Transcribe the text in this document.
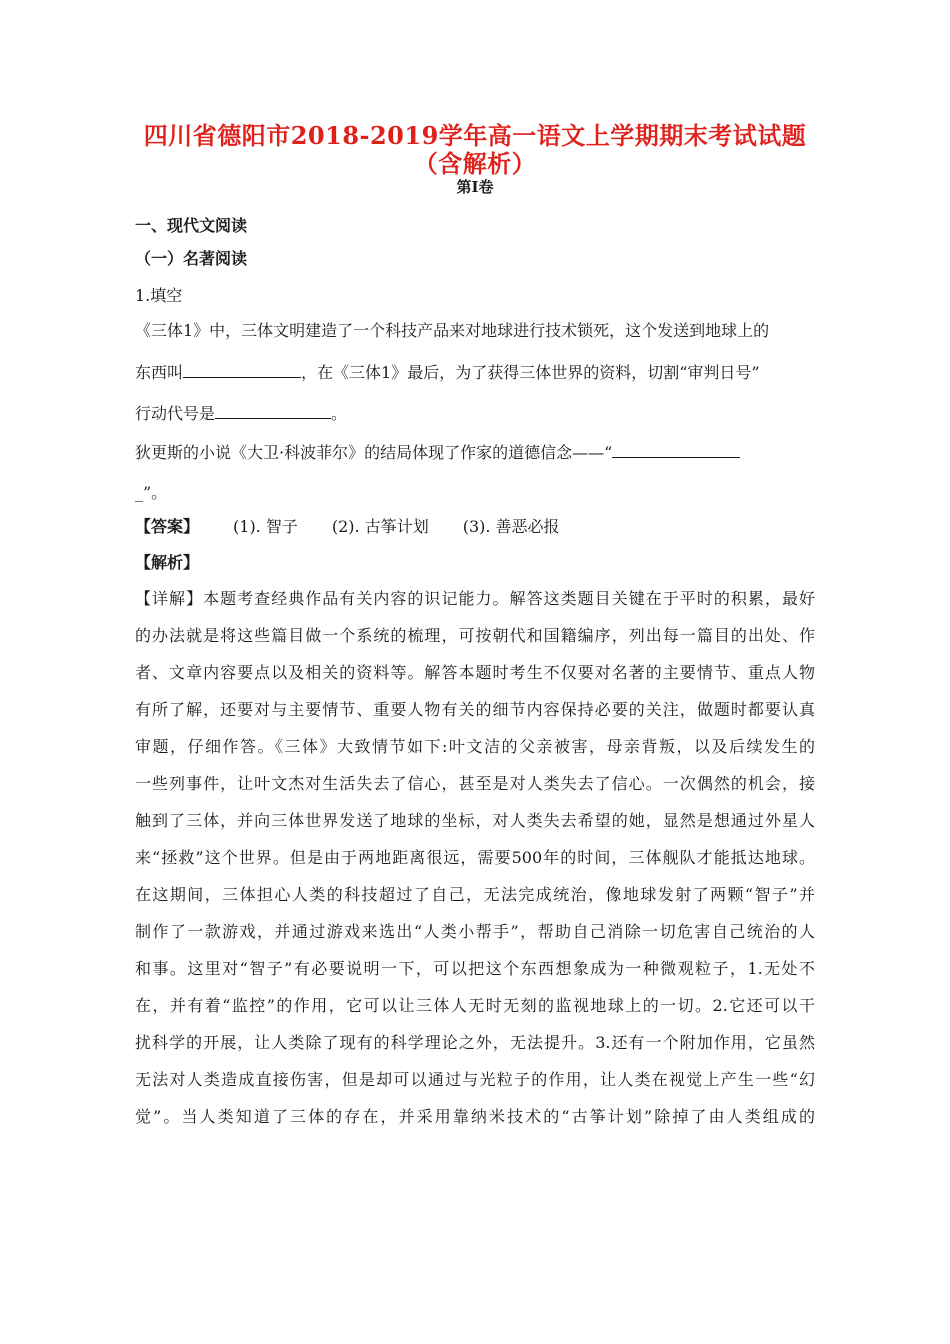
四川省德阳市2018-2019学年高一语文上学期期末考试试题（含解析）
第Ⅰ卷
一、现代文阅读
（一）名著阅读
1.填空
《三体1》中，三体文明建造了一个科技产品来对地球进行技术锁死，这个发送到地球上的
东西叫	，在《三体1》最后，为了获得三体世界的资料，切割“审判日号”
行动代号是	。
狄更斯的小说《大卫·科波菲尔》的结局体现了作家的道德信念——“
_”。
【答案】 (1). 智子 (2). 古筝计划 (3). 善恶必报
【解析】
【详解】本题考查经典作品有关内容的识记能力。解答这类题目关键在于平时的积累，最好
的办法就是将这些篇目做一个系统的梳理，可按朝代和国籍编序，列出每一篇目的出处、作
者、文章内容要点以及相关的资料等。解答本题时考生不仅要对名著的主要情节、重点人物
有所了解，还要对与主要情节、重要人物有关的细节内容保持必要的关注，做题时都要认真
审题，仔细作答。《三体》大致情节如下:叶文洁的父亲被害，母亲背叛，以及后续发生的
一些列事件，让叶文杰对生活失去了信心，甚至是对人类失去了信心。一次偶然的机会，接
触到了三体，并向三体世界发送了地球的坐标，对人类失去希望的她，显然是想通过外星人
来“拯救”这个世界。但是由于两地距离很远，需要500年的时间，三体舰队才能抵达地球。
在这期间，三体担心人类的科技超过了自己，无法完成统治，像地球发射了两颗“智子”并
制作了一款游戏，并通过游戏来选出“人类小帮手”，帮助自己消除一切危害自己统治的人
和事。这里对“智子”有必要说明一下，可以把这个东西想象成为一种微观粒子，1.无处不
在，并有着“监控”的作用，它可以让三体人无时无刻的监视地球上的一切。2.它还可以干
扰科学的开展，让人类除了现有的科学理论之外，无法提升。3.还有一个附加作用，它虽然
无法对人类造成直接伤害，但是却可以通过与光粒子的作用，让人类在视觉上产生一些“幻
觉”。当人类知道了三体的存在，并采用靠纳米技术的“古筝计划”除掉了由人类组成的
